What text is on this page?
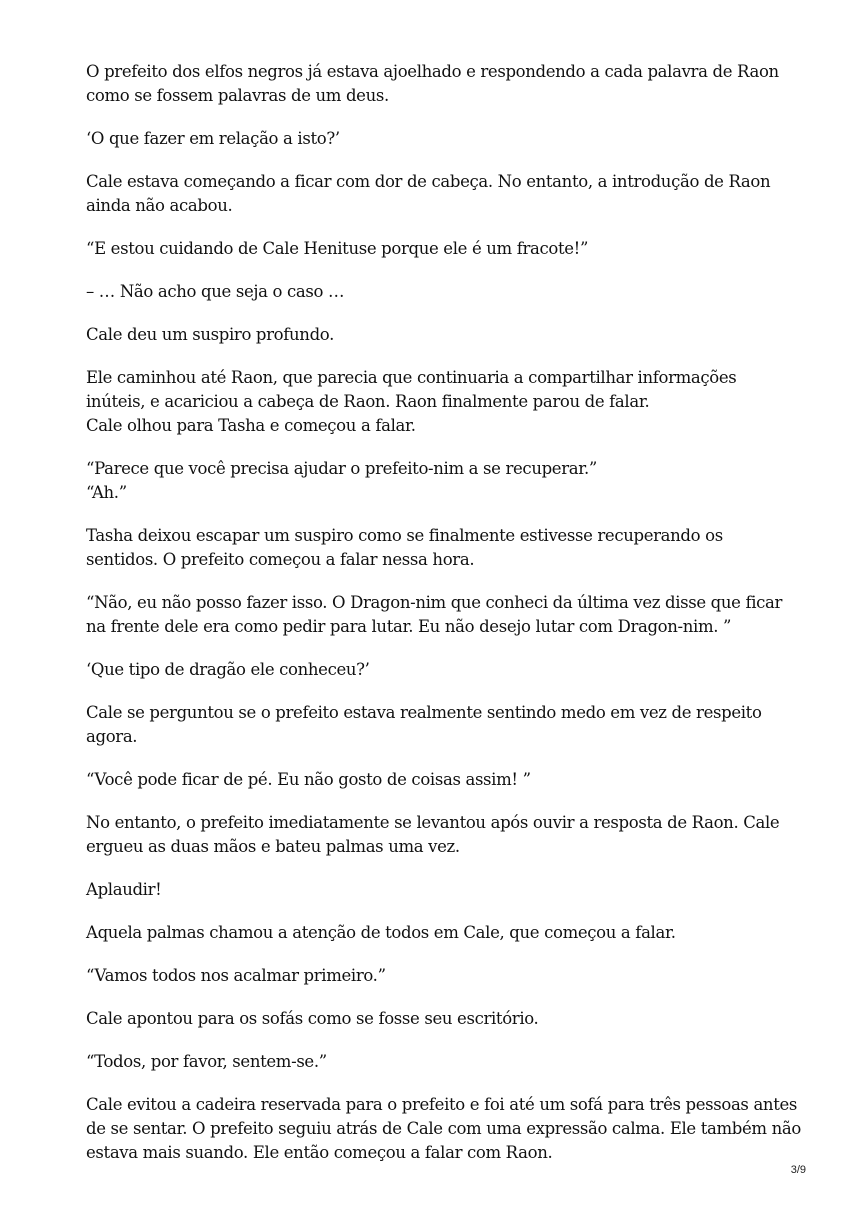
O prefeito dos elfos negros já estava ajoelhado e respondendo a cada palavra de Raon
como se fossem palavras de um deus.

‘O que fazer em relação a isto?’

Cale estava começando a ficar com dor de cabeça. No entanto, a introdução de Raon
ainda não acabou.

“E estou cuidando de Cale Henituse porque ele é um fracote!”

– … Não acho que seja o caso …

Cale deu um suspiro profundo.

Ele caminhou até Raon, que parecia que continuaria a compartilhar informações
inúteis, e acariciou a cabeça de Raon. Raon finalmente parou de falar.
Cale olhou para Tasha e começou a falar.

“Parece que você precisa ajudar o prefeito-nim a se recuperar.”
“Ah.”

Tasha deixou escapar um suspiro como se finalmente estivesse recuperando os
sentidos. O prefeito começou a falar nessa hora.

“Não, eu não posso fazer isso. O Dragon-nim que conheci da última vez disse que ficar
na frente dele era como pedir para lutar. Eu não desejo lutar com Dragon-nim. ”

‘Que tipo de dragão ele conheceu?’

Cale se perguntou se o prefeito estava realmente sentindo medo em vez de respeito
agora.

“Você pode ficar de pé. Eu não gosto de coisas assim! ”

No entanto, o prefeito imediatamente se levantou após ouvir a resposta de Raon. Cale
ergueu as duas mãos e bateu palmas uma vez.

Aplaudir!

Aquela palmas chamou a atenção de todos em Cale, que começou a falar.

“Vamos todos nos acalmar primeiro.”

Cale apontou para os sofás como se fosse seu escritório.

“Todos, por favor, sentem-se.”

Cale evitou a cadeira reservada para o prefeito e foi até um sofá para três pessoas antes
de se sentar. O prefeito seguiu atrás de Cale com uma expressão calma. Ele também não
estava mais suando. Ele então começou a falar com Raon.

3/9
